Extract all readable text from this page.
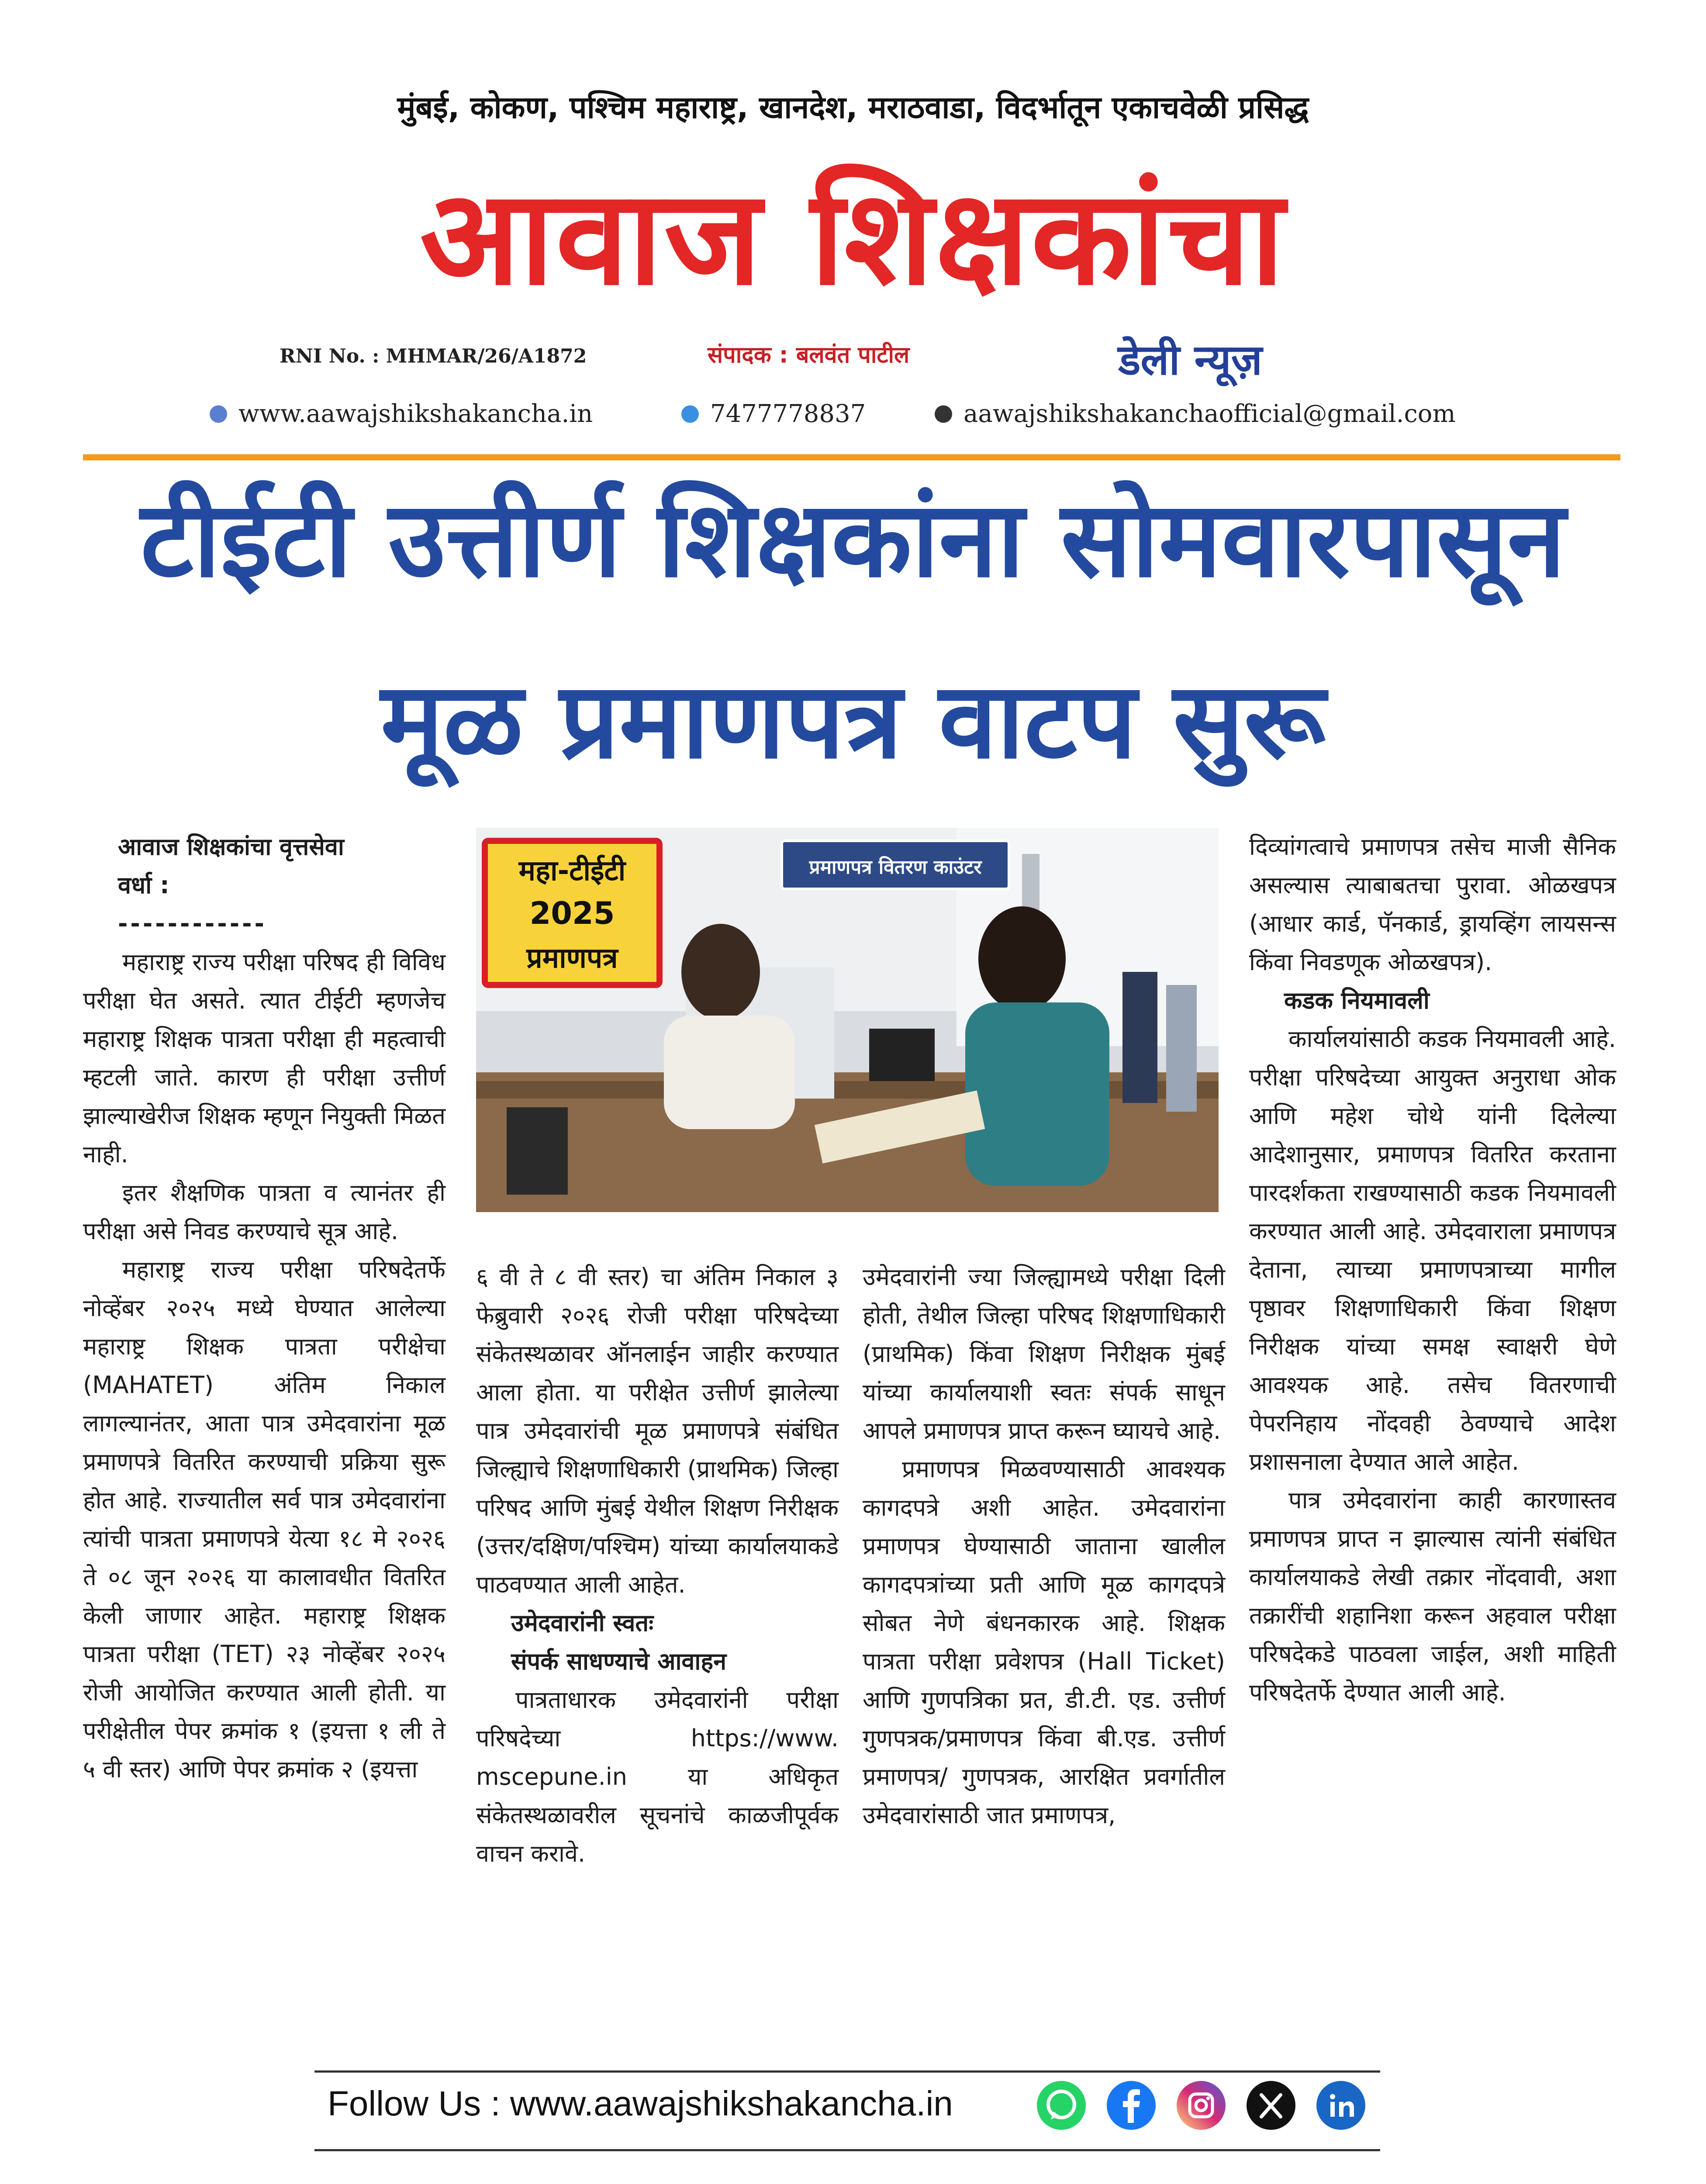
मुंबई, कोकण, पश्चिम महाराष्ट्र, खानदेश, मराठवाडा, विदर्भातून एकाचवेळी प्रसिद्ध
आवाज शिक्षकांचा
RNI No. : MHMAR/26/A1872	संपादक : बलवंत पाटील	डेली न्यूज़
www.aawajshikshakancha.in	7477778837	aawajshikshakanchaofficial@gmail.com
टीईटी उत्तीर्ण शिक्षकांना सोमवारपासून
मूळ प्रमाणपत्र वाटप सुरू
प्रमाणपत्र वितरण काउंटर
महा-टीईटी
2025
प्रमाणपत्र

आवाज शिक्षकांचा वृत्तसेवा

वर्धा :

------------

महाराष्ट्र राज्य परीक्षा परिषद ही विविध परीक्षा घेत असते. त्यात टीईटी म्हणजेच महाराष्ट्र शिक्षक पात्रता परीक्षा ही महत्वाची म्हटली जाते. कारण ही परीक्षा उत्तीर्ण झाल्याखेरीज शिक्षक म्हणून नियुक्ती मिळत नाही.

इतर शैक्षणिक पात्रता व त्यानंतर ही परीक्षा असे निवड करण्याचे सूत्र आहे.

महाराष्ट्र राज्य परीक्षा परिषदेतर्फे नोव्हेंबर २०२५ मध्ये घेण्यात आलेल्या महाराष्ट्र शिक्षक पात्रता परीक्षेचा (MAHATET) अंतिम निकाल लागल्यानंतर, आता पात्र उमेदवारांना मूळ प्रमाणपत्रे वितरित करण्याची प्रक्रिया सुरू होत आहे. राज्यातील सर्व पात्र उमेदवारांना त्यांची पात्रता प्रमाणपत्रे येत्या १८ मे २०२६ ते ०८ जून २०२६ या कालावधीत वितरित केली जाणार आहेत. महाराष्ट्र शिक्षक पात्रता परीक्षा (TET) २३ नोव्हेंबर २०२५ रोजी आयोजित करण्यात आली होती. या परीक्षेतील पेपर क्रमांक १ (इयत्ता १ ली ते ५ वी स्तर) आणि पेपर क्रमांक २ (इयत्ता

६ वी ते ८ वी स्तर) चा अंतिम निकाल ३ फेब्रुवारी २०२६ रोजी परीक्षा परिषदेच्या संकेतस्थळावर ऑनलाईन जाहीर करण्यात आला होता. या परीक्षेत उत्तीर्ण झालेल्या पात्र उमेदवारांची मूळ प्रमाणपत्रे संबंधित जिल्ह्याचे शिक्षणाधिकारी (प्राथमिक) जिल्हा परिषद आणि मुंबई येथील शिक्षण निरीक्षक (उत्तर/दक्षिण/पश्चिम) यांच्या कार्यालयाकडे पाठवण्यात आली आहेत.

उमेदवारांनी स्वतः

संपर्क साधण्याचे आवाहन

पात्रताधारक उमेदवारांनी परीक्षा परिषदेच्या https://www. mscepune.in या अधिकृत संकेतस्थळावरील सूचनांचे काळजीपूर्वक वाचन करावे.

उमेदवारांनी ज्या जिल्ह्यामध्ये परीक्षा दिली होती, तेथील जिल्हा परिषद शिक्षणाधिकारी (प्राथमिक) किंवा शिक्षण निरीक्षक मुंबई यांच्या कार्यालयाशी स्वतः संपर्क साधून आपले प्रमाणपत्र प्राप्त करून घ्यायचे आहे.

प्रमाणपत्र मिळवण्यासाठी आवश्यक कागदपत्रे अशी आहेत. उमेदवारांना प्रमाणपत्र घेण्यासाठी जाताना खालील कागदपत्रांच्या प्रती आणि मूळ कागदपत्रे सोबत नेणे बंधनकारक आहे. शिक्षक पात्रता परीक्षा प्रवेशपत्र (Hall Ticket) आणि गुणपत्रिका प्रत, डी.टी. एड. उत्तीर्ण गुणपत्रक/प्रमाणपत्र किंवा बी.एड. उत्तीर्ण प्रमाणपत्र/ गुणपत्रक, आरक्षित प्रवर्गातील उमेदवारांसाठी जात प्रमाणपत्र,

दिव्यांगत्वाचे प्रमाणपत्र तसेच माजी सैनिक असल्यास त्याबाबतचा पुरावा. ओळखपत्र (आधार कार्ड, पॅनकार्ड, ड्रायव्हिंग लायसन्स किंवा निवडणूक ओळखपत्र).

कडक नियमावली

कार्यालयांसाठी कडक नियमावली आहे. परीक्षा परिषदेच्या आयुक्त अनुराधा ओक आणि महेश चोथे यांनी दिलेल्या आदेशानुसार, प्रमाणपत्र वितरित करताना पारदर्शकता राखण्यासाठी कडक नियमावली करण्यात आली आहे. उमेदवाराला प्रमाणपत्र देताना, त्याच्या प्रमाणपत्राच्या मागील पृष्ठावर शिक्षणाधिकारी किंवा शिक्षण निरीक्षक यांच्या समक्ष स्वाक्षरी घेणे आवश्यक आहे. तसेच वितरणाची पेपरनिहाय नोंदवही ठेवण्याचे आदेश प्रशासनाला देण्यात आले आहेत.

पात्र उमेदवारांना काही कारणास्तव प्रमाणपत्र प्राप्त न झाल्यास त्यांनी संबंधित कार्यालयाकडे लेखी तक्रार नोंदवावी, अशा तक्रारींची शहानिशा करून अहवाल परीक्षा परिषदेकडे पाठवला जाईल, अशी माहिती परिषदेतर्फे देण्यात आली आहे.

Follow Us : www.aawajshikshakancha.in
